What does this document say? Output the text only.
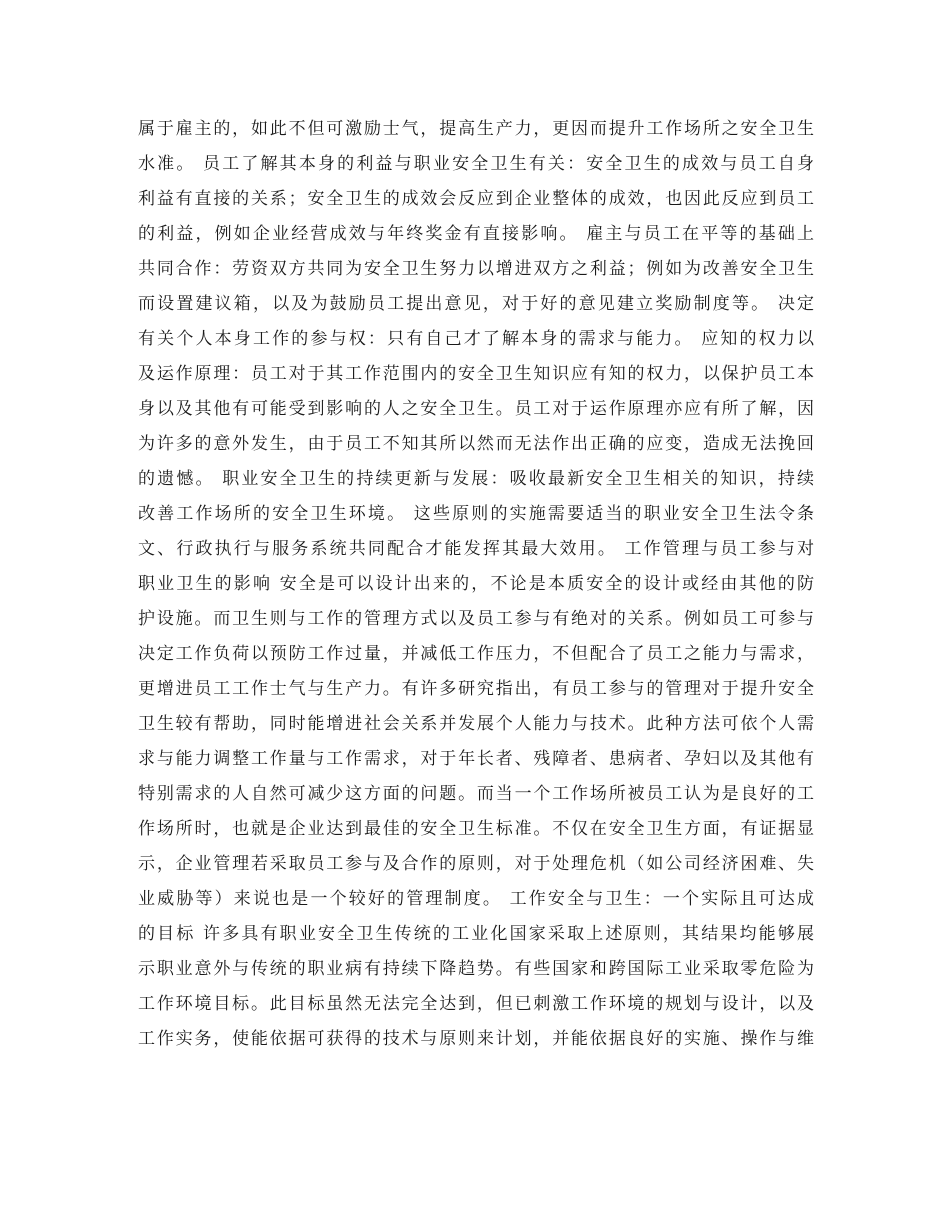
属于雇主的，如此不但可激励士气，提高生产力，更因而提升工作场所之安全卫生
水准。 员工了解其本身的利益与职业安全卫生有关：安全卫生的成效与员工自身
利益有直接的关系；安全卫生的成效会反应到企业整体的成效，也因此反应到员工
的利益，例如企业经营成效与年终奖金有直接影响。 雇主与员工在平等的基础上
共同合作：劳资双方共同为安全卫生努力以增进双方之利益；例如为改善安全卫生
而设置建议箱，以及为鼓励员工提出意见，对于好的意见建立奖励制度等。 决定
有关个人本身工作的参与权：只有自己才了解本身的需求与能力。 应知的权力以
及运作原理：员工对于其工作范围内的安全卫生知识应有知的权力，以保护员工本
身以及其他有可能受到影响的人之安全卫生。员工对于运作原理亦应有所了解，因
为许多的意外发生，由于员工不知其所以然而无法作出正确的应变，造成无法挽回
的遗憾。 职业安全卫生的持续更新与发展：吸收最新安全卫生相关的知识，持续
改善工作场所的安全卫生环境。 这些原则的实施需要适当的职业安全卫生法令条
文、行政执行与服务系统共同配合才能发挥其最大效用。 工作管理与员工参与对
职业卫生的影响 安全是可以设计出来的，不论是本质安全的设计或经由其他的防
护设施。而卫生则与工作的管理方式以及员工参与有绝对的关系。例如员工可参与
决定工作负荷以预防工作过量，并减低工作压力，不但配合了员工之能力与需求，
更增进员工工作士气与生产力。有许多研究指出，有员工参与的管理对于提升安全
卫生较有帮助，同时能增进社会关系并发展个人能力与技术。此种方法可依个人需
求与能力调整工作量与工作需求，对于年长者、残障者、患病者、孕妇以及其他有
特别需求的人自然可减少这方面的问题。而当一个工作场所被员工认为是良好的工
作场所时，也就是企业达到最佳的安全卫生标准。不仅在安全卫生方面，有证据显
示，企业管理若采取员工参与及合作的原则，对于处理危机（如公司经济困难、失
业威胁等）来说也是一个较好的管理制度。 工作安全与卫生：一个实际且可达成
的目标 许多具有职业安全卫生传统的工业化国家采取上述原则，其结果均能够展
示职业意外与传统的职业病有持续下降趋势。有些国家和跨国际工业采取零危险为
工作环境目标。此目标虽然无法完全达到，但已刺激工作环境的规划与设计，以及
工作实务，使能依据可获得的技术与原则来计划，并能依据良好的实施、操作与维
